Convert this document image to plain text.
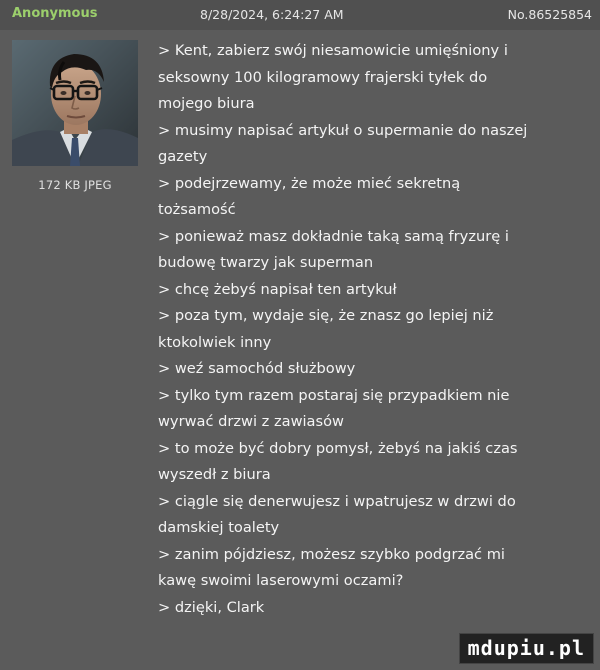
Anonymous	8/28/2024, 6:24:27 AM	No.86525854
172 KB JPEG
> Kent, zabierz swój niesamowicie umięśniony i
seksowny 100 kilogramowy frajerski tyłek do
mojego biura
> musimy napisać artykuł o supermanie do naszej
gazety
> podejrzewamy, że może mieć sekretną
tożsamość
> ponieważ masz dokładnie taką samą fryzurę i
budowę twarzy jak superman
> chcę żebyś napisał ten artykuł
> poza tym, wydaje się, że znasz go lepiej niż
ktokolwiek inny
> weź samochód służbowy
> tylko tym razem postaraj się przypadkiem nie
wyrwać drzwi z zawiasów
> to może być dobry pomysł, żebyś na jakiś czas
wyszedł z biura
> ciągle się denerwujesz i wpatrujesz w drzwi do
damskiej toalety
> zanim pójdziesz, możesz szybko podgrzać mi
kawę swoimi laserowymi oczami?
> dzięki, Clark
mdupiu.pl
